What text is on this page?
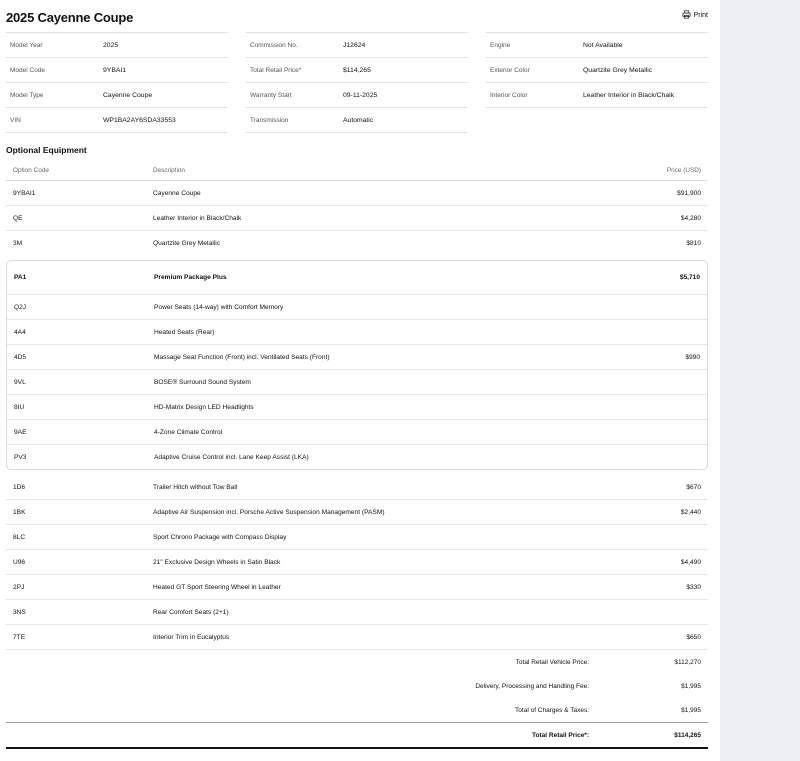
2025 Cayenne Coupe	Print
Model Year	2025
Model Code	9YBAI1
Model Type	Cayenne Coupe
VIN	WP1BA2AY6SDA33553
Commission No.	J12624
Total Retail Price*	$114,265
Warranty Start	09-11-2025
Transmission	Automatic
Engine	Not Available
Exterior Color	Quartzite Grey Metallic
Interior Color	Leather Interior in Black/Chalk
Optional Equipment
Option Code	Description	Price (USD)
9YBAI1	Cayenne Coupe	$91,900
QE	Leather Interior in Black/Chalk	$4,280
3M	Quartzite Grey Metallic	$810
PA1	Premium Package Plus	$5,710
Q2J	Power Seats (14-way) with Comfort Memory
4A4	Heated Seats (Rear)
4D5	Massage Seat Function (Front) incl. Ventilated Seats (Front)	$990
9VL	BOSE® Surround Sound System
8IU	HD-Matrix Design LED Headlights
9AE	4-Zone Climate Control
PV3	Adaptive Cruise Control incl. Lane Keep Assist (LKA)
1D6	Trailer Hitch without Tow Ball	$670
1BK	Adaptive Air Suspension incl. Porsche Active Suspension Management (PASM)	$2,440
8LC	Sport Chrono Package with Compass Display
U96	21" Exclusive Design Wheels in Satin Black	$4,490
2PJ	Heated GT Sport Steering Wheel in Leather	$330
3NS	Rear Comfort Seats (2+1)
7TE	Interior Trim in Eucalyptus	$650
Total Retail Vehicle Price:	$112,270
Delivery, Processing and Handling Fee:	$1,995
Total of Charges & Taxes:	$1,995
Total Retail Price*:	$114,265
